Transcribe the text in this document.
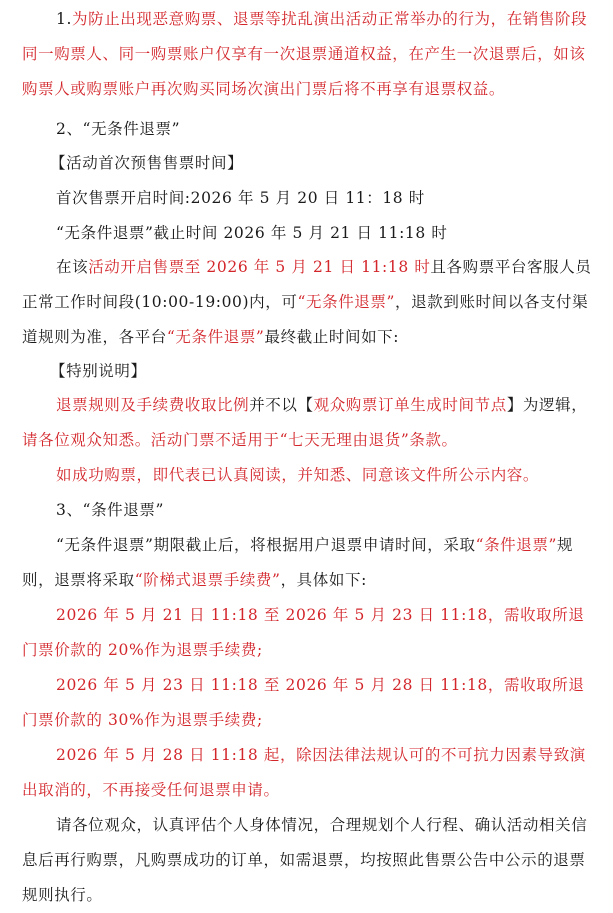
1.为防止出现恶意购票、退票等扰乱演出活动正常举办的行为，在销售阶段同一购票人、同一购票账户仅享有一次退票通道权益，在产生一次退票后，如该购票人或购票账户再次购买同场次演出门票后将不再享有退票权益。

2、“无条件退票”

【活动首次预售售票时间】

首次售票开启时间:2026 年 5 月 20 日 11：18 时

“无条件退票”截止时间 2026 年 5 月 21 日 11:18 时

在该活动开启售票至 2026 年 5 月 21 日 11:18 时且各购票平台客服人员正常工作时间段(10:00-19:00)内，可“无条件退票”，退款到账时间以各支付渠道规则为准，各平台“无条件退票”最终截止时间如下:

【特别说明】

退票规则及手续费收取比例并不以【观众购票订单生成时间节点】为逻辑，请各位观众知悉。活动门票不适用于“七天无理由退货”条款。

如成功购票，即代表已认真阅读，并知悉、同意该文件所公示内容。

3、“条件退票”

“无条件退票”期限截止后，将根据用户退票申请时间，采取“条件退票”规则，退票将采取“阶梯式退票手续费”，具体如下:

2026 年 5 月 21 日 11:18 至 2026 年 5 月 23 日 11:18，需收取所退门票价款的 20%作为退票手续费;

2026 年 5 月 23 日 11:18 至 2026 年 5 月 28 日 11:18，需收取所退门票价款的 30%作为退票手续费;

2026 年 5 月 28 日 11:18 起，除因法律法规认可的不可抗力因素导致演出取消的，不再接受任何退票申请。

请各位观众，认真评估个人身体情况，合理规划个人行程、确认活动相关信息后再行购票，凡购票成功的订单，如需退票，均按照此售票公告中公示的退票规则执行。
